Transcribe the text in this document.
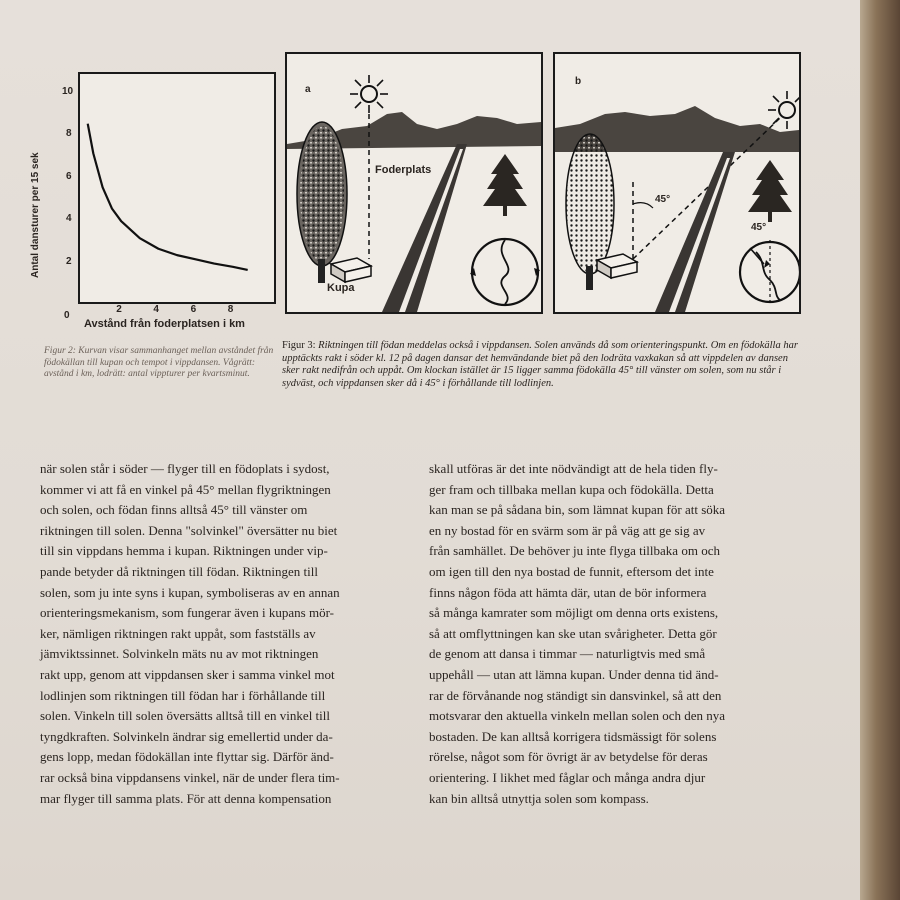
10
8
6
4
2
0
2	4	6	8
Antal dansturer per 15 sek
Avstånd från foderplatsen i km
a
Foderplats
Kupa
b
45°
45°
Figur 2: Kurvan visar sammanhanget mellan avståndet från födokällan till kupan och tempot i vippdansen. Vågrätt: avstånd i km, lodrätt: antal vippturer per kvartsminut.
Figur 3: Riktningen till födan meddelas också i vippdansen. Solen används då som orienteringspunkt. Om en födokälla har upptäckts rakt i söder kl. 12 på dagen dansar det hemvändande biet på den lodräta vaxkakan så att vippdelen av dansen sker rakt nedifrån och uppåt. Om klockan istället är 15 ligger samma födokälla 45° till vänster om solen, som nu står i sydväst, och vippdansen sker då i 45° i förhållande till lodlinjen.
när solen står i söder — flyger till en födoplats i sydost,
kommer vi att få en vinkel på 45° mellan flygriktningen
och solen, och födan finns alltså 45° till vänster om
riktningen till solen. Denna "solvinkel" översätter nu biet
till sin vippdans hemma i kupan. Riktningen under vip-
pande betyder då riktningen till födan. Riktningen till
solen, som ju inte syns i kupan, symboliseras av en annan
orienteringsmekanism, som fungerar även i kupans mör-
ker, nämligen riktningen rakt uppåt, som fastställs av
jämviktssinnet. Solvinkeln mäts nu av mot riktningen
rakt upp, genom att vippdansen sker i samma vinkel mot
lodlinjen som riktningen till födan har i förhållande till
solen. Vinkeln till solen översätts alltså till en vinkel till
tyngdkraften. Solvinkeln ändrar sig emellertid under da-
gens lopp, medan födokällan inte flyttar sig. Därför änd-
rar också bina vippdansens vinkel, när de under flera tim-
mar flyger till samma plats. För att denna kompensation
skall utföras är det inte nödvändigt att de hela tiden fly-
ger fram och tillbaka mellan kupa och födokälla. Detta
kan man se på sådana bin, som lämnat kupan för att söka
en ny bostad för en svärm som är på väg att ge sig av
från samhället. De behöver ju inte flyga tillbaka om och
om igen till den nya bostad de funnit, eftersom det inte
finns någon föda att hämta där, utan de bör informera
så många kamrater som möjligt om denna orts existens,
så att omflyttningen kan ske utan svårigheter. Detta gör
de genom att dansa i timmar — naturligtvis med små
uppehåll — utan att lämna kupan. Under denna tid änd-
rar de förvånande nog ständigt sin dansvinkel, så att den
motsvarar den aktuella vinkeln mellan solen och den nya
bostaden. De kan alltså korrigera tidsmässigt för solens
rörelse, något som för övrigt är av betydelse för deras
orientering. I likhet med fåglar och många andra djur
kan bin alltså utnyttja solen som kompass.
